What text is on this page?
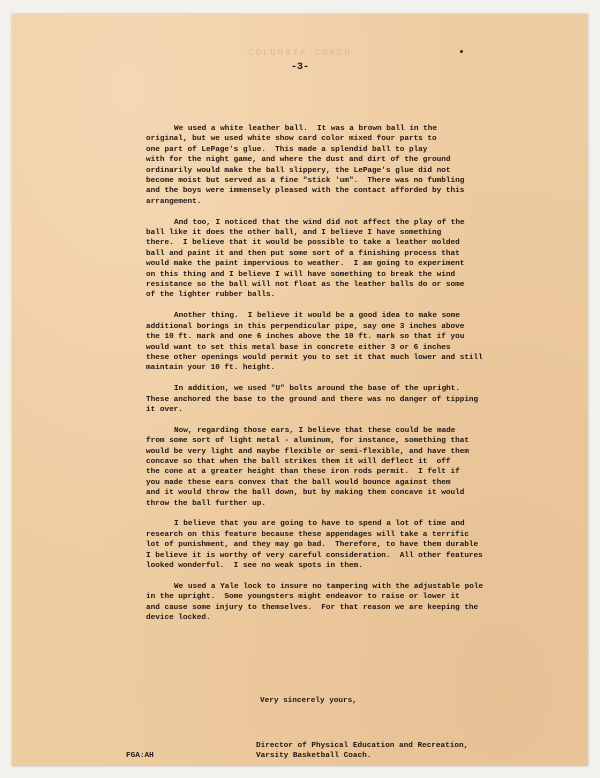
COLUMBIA COACH
-3-
We used a white leather ball.  It was a brown ball in the
original, but we used white show card color mixed four parts to
one part of LePage's glue.  This made a splendid ball to play
with for the night game, and where the dust and dirt of the ground
ordinarily would make the ball slippery, the LePage's glue did not
become moist but served as a fine "stick 'um".  There was no fumbling
and the boys were immensely pleased with the contact afforded by this
arrangement.
And too, I noticed that the wind did not affect the play of the
ball like it does the other ball, and I believe I have something
there.  I believe that it would be possible to take a leather molded
ball and paint it and then put some sort of a finishing process that
would make the paint impervious to weather.  I am going to experiment
on this thing and I believe I will have something to break the wind
resistance so the ball will not float as the leather balls do or some
of the lighter rubber balls.
Another thing.  I believe it would be a good idea to make some
additional borings in this perpendicular pipe, say one 3 inches above
the 10 ft. mark and one 6 inches above the 10 ft. mark so that if you
would want to set this metal base in concrete either 3 or 6 inches
these other openings would permit you to set it that much lower and still
maintain your 10 ft. height.
In addition, we used "U" bolts around the base of the upright.
These anchored the base to the ground and there was no danger of tipping
it over.
Now, regarding those ears, I believe that these could be made
from some sort of light metal - aluminum, for instance, something that
would be very light and maybe flexible or semi-flexible, and have them
concave so that when the ball strikes them it will deflect it  off
the cone at a greater height than these iron rods permit.  I felt if
you made these ears convex that the ball would bounce against them
and it would throw the ball down, but by making them concave it would
throw the ball further up.
I believe that you are going to have to spend a lot of time and
research on this feature because these appendages will take a terrific
lot of punishment, and they may go bad.  Therefore, to have them durable
I believe it is worthy of very careful consideration.  All other features
looked wonderful.  I see no weak spots in them.
We used a Yale lock to insure no tampering with the adjustable pole
in the upright.  Some youngsters might endeavor to raise or lower it
and cause some injury to themselves.  For that reason we are keeping the
device locked.
Very sincerely yours,
Director of Physical Education and Recreation,
Varsity Basketball Coach.
FGA:AH
